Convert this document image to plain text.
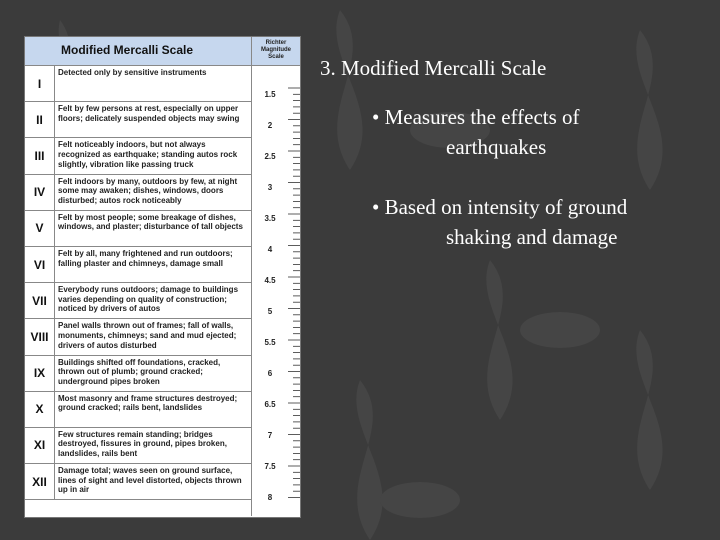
Modified Mercalli Scale	Richter
Magnitude
Scale
I
Detected only by sensitive instruments
II
Felt by few persons at rest, especially on upper floors; delicately suspended objects may swing
III
Felt noticeably indoors, but not always recognized as earthquake; standing autos rock slightly, vibration like passing truck
IV
Felt indoors by many, outdoors by few, at night some may awaken; dishes, windows, doors disturbed; autos rock noticeably
V
Felt by most people; some breakage of dishes, windows, and plaster; disturbance of tall objects
VI
Felt by all, many frightened and run outdoors; falling plaster and chimneys, damage small
VII
Everybody runs outdoors; damage to buildings varies depending on quality of construction; noticed by drivers of autos
VIII
Panel walls thrown out of frames; fall of walls, monuments, chimneys; sand and mud ejected; drivers of autos disturbed
IX
Buildings shifted off foundations, cracked, thrown out of plumb; ground cracked; underground pipes broken
X
Most masonry and frame structures destroyed; ground cracked; rails bent, landslides
XI
Few structures remain standing; bridges destroyed, fissures in ground, pipes broken, landslides, rails bent
XII
Damage total; waves seen on ground surface, lines of sight and level distorted, objects thrown up in air
1.5
2
2.5
3
3.5
4
4.5
5
5.5
6
6.5
7
7.5
8
3. Modified Mercalli Scale
• Measures the effects of
earthquakes
• Based on intensity of ground
shaking and damage
